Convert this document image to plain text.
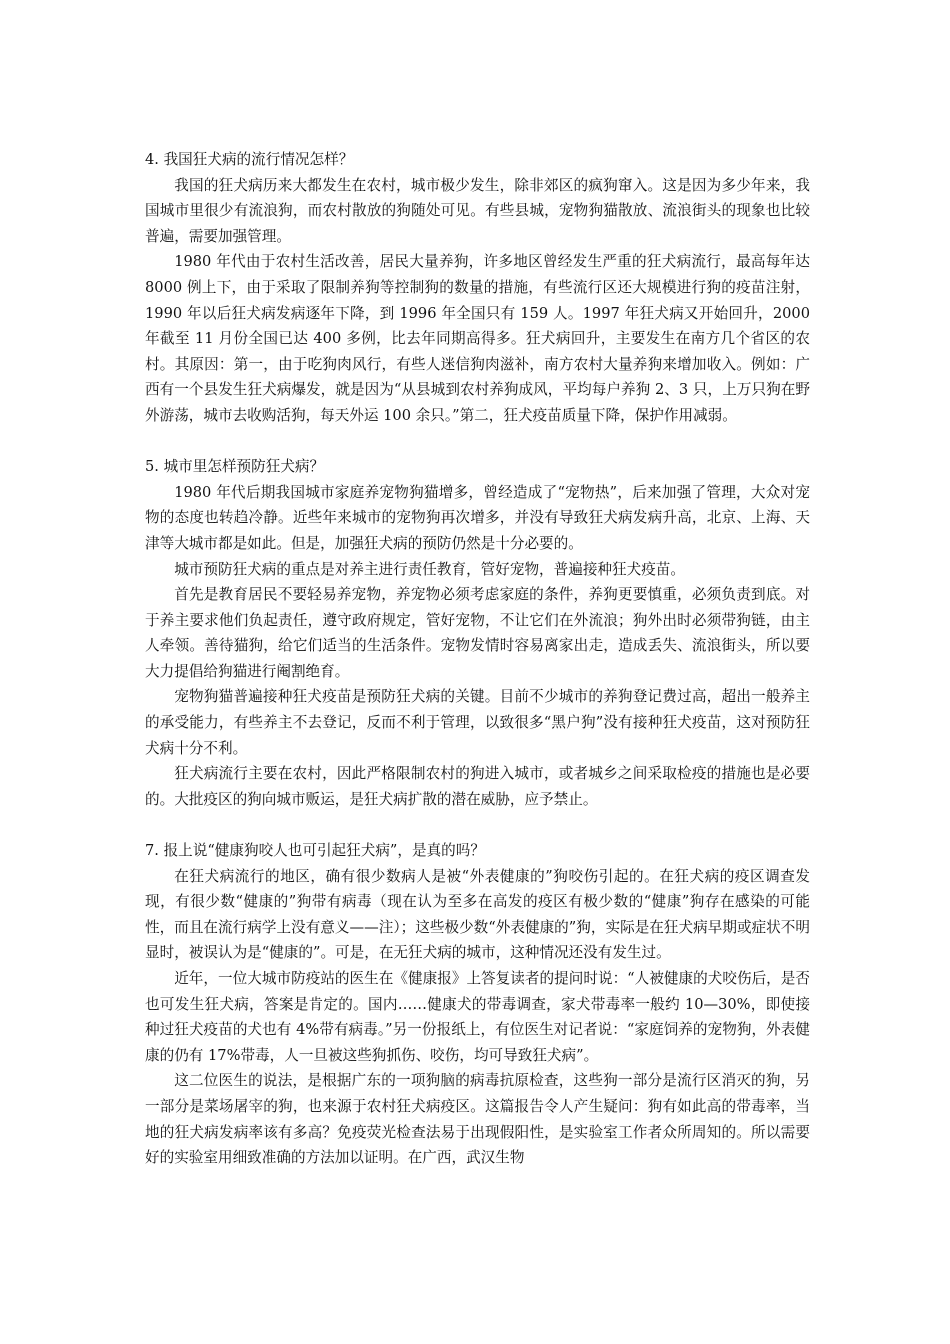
4. 我国狂犬病的流行情况怎样？

我国的狂犬病历来大都发生在农村，城市极少发生，除非郊区的疯狗窜入。这是因为多少年来，我国城市里很少有流浪狗，而农村散放的狗随处可见。有些县城，宠物狗猫散放、流浪街头的现象也比较普遍，需要加强管理。

1980 年代由于农村生活改善，居民大量养狗，许多地区曾经发生严重的狂犬病流行，最高每年达 8000 例上下，由于采取了限制养狗等控制狗的数量的措施，有些流行区还大规模进行狗的疫苗注射，1990 年以后狂犬病发病逐年下降，到 1996 年全国只有 159 人。1997 年狂犬病又开始回升，2000 年截至 11 月份全国已达 400 多例，比去年同期高得多。狂犬病回升，主要发生在南方几个省区的农村。其原因：第一，由于吃狗肉风行，有些人迷信狗肉滋补，南方农村大量养狗来增加收入。例如：广西有一个县发生狂犬病爆发，就是因为“从县城到农村养狗成风，平均每户养狗 2、3 只，上万只狗在野外游荡，城市去收购活狗，每天外运 100 余只。”第二，狂犬疫苗质量下降，保护作用减弱。

5. 城市里怎样预防狂犬病？

1980 年代后期我国城市家庭养宠物狗猫增多，曾经造成了“宠物热”，后来加强了管理，大众对宠物的态度也转趋冷静。近些年来城市的宠物狗再次增多，并没有导致狂犬病发病升高，北京、上海、天津等大城市都是如此。但是，加强狂犬病的预防仍然是十分必要的。

城市预防狂犬病的重点是对养主进行责任教育，管好宠物，普遍接种狂犬疫苗。

首先是教育居民不要轻易养宠物，养宠物必须考虑家庭的条件，养狗更要慎重，必须负责到底。对于养主要求他们负起责任，遵守政府规定，管好宠物，不让它们在外流浪；狗外出时必须带狗链，由主人牵领。善待猫狗，给它们适当的生活条件。宠物发情时容易离家出走，造成丢失、流浪街头，所以要大力提倡给狗猫进行阉割绝育。

宠物狗猫普遍接种狂犬疫苗是预防狂犬病的关键。目前不少城市的养狗登记费过高，超出一般养主的承受能力，有些养主不去登记，反而不利于管理，以致很多“黑户狗”没有接种狂犬疫苗，这对预防狂犬病十分不利。

狂犬病流行主要在农村，因此严格限制农村的狗进入城市，或者城乡之间采取检疫的措施也是必要的。大批疫区的狗向城市贩运，是狂犬病扩散的潜在威胁，应予禁止。

7. 报上说“健康狗咬人也可引起狂犬病”，是真的吗？

在狂犬病流行的地区，确有很少数病人是被“外表健康的”狗咬伤引起的。在狂犬病的疫区调查发现，有很少数“健康的”狗带有病毒（现在认为至多在高发的疫区有极少数的“健康”狗存在感染的可能性，而且在流行病学上没有意义——注）；这些极少数“外表健康的”狗，实际是在狂犬病早期或症状不明显时，被误认为是“健康的”。可是，在无狂犬病的城市，这种情况还没有发生过。

近年，一位大城市防疫站的医生在《健康报》上答复读者的提问时说：“人被健康的犬咬伤后，是否也可发生狂犬病，答案是肯定的。国内……健康犬的带毒调查，家犬带毒率一般约 10—30%，即使接种过狂犬疫苗的犬也有 4%带有病毒。”另一份报纸上，有位医生对记者说：“家庭饲养的宠物狗，外表健康的仍有 17%带毒，人一旦被这些狗抓伤、咬伤，均可导致狂犬病”。

这二位医生的说法，是根据广东的一项狗脑的病毒抗原检查，这些狗一部分是流行区消灭的狗，另一部分是菜场屠宰的狗，也来源于农村狂犬病疫区。这篇报告令人产生疑问：狗有如此高的带毒率，当地的狂犬病发病率该有多高？免疫荧光检查法易于出现假阳性，是实验室工作者众所周知的。所以需要好的实验室用细致准确的方法加以证明。在广西，武汉生物
